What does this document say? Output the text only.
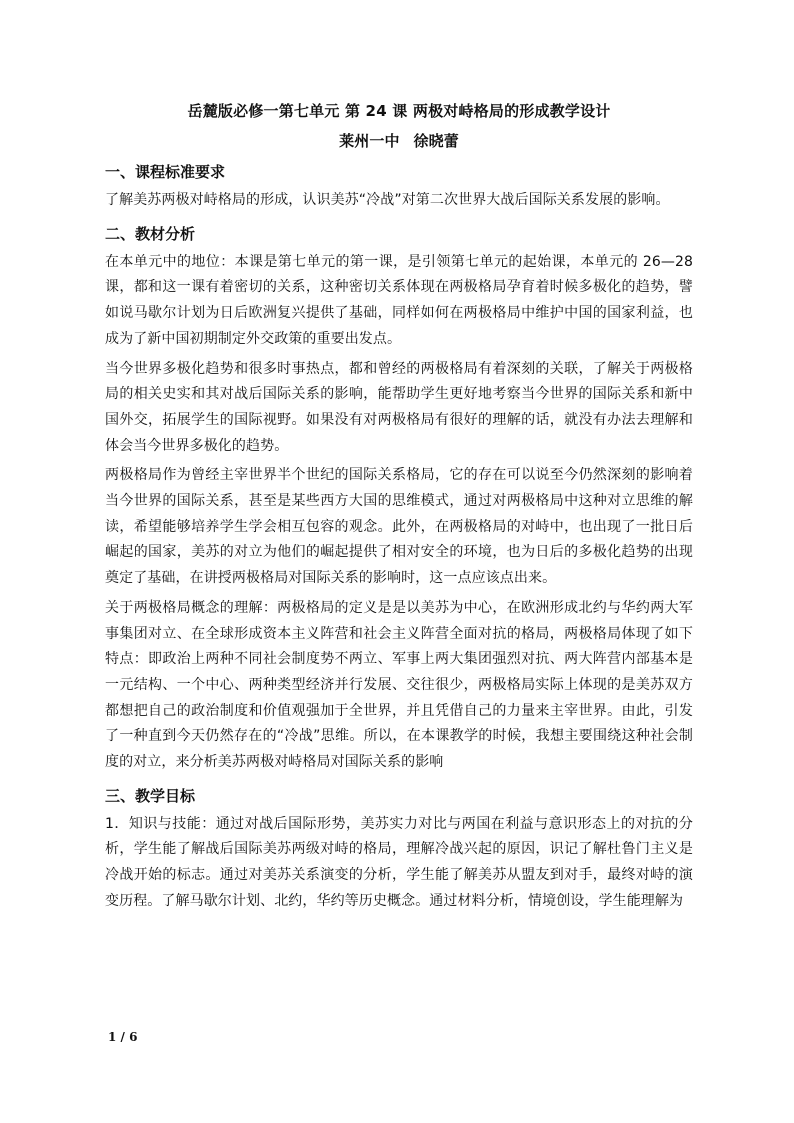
岳麓版必修一第七单元 第 24 课 两极对峙格局的形成教学设计

莱州一中 徐晓蕾

一、课程标准要求

了解美苏两极对峙格局的形成，认识美苏“冷战”对第二次世界大战后国际关系发展的影响。

二、教材分析

在本单元中的地位：本课是第七单元的第一课，是引领第七单元的起始课，本单元的 26—28 课，都和这一课有着密切的关系，这种密切关系体现在两极格局孕育着时候多极化的趋势，譬如说马歇尔计划为日后欧洲复兴提供了基础，同样如何在两极格局中维护中国的国家利益，也成为了新中国初期制定外交政策的重要出发点。

当今世界多极化趋势和很多时事热点，都和曾经的两极格局有着深刻的关联，了解关于两极格局的相关史实和其对战后国际关系的影响，能帮助学生更好地考察当今世界的国际关系和新中国外交，拓展学生的国际视野。如果没有对两极格局有很好的理解的话，就没有办法去理解和体会当今世界多极化的趋势。

两极格局作为曾经主宰世界半个世纪的国际关系格局，它的存在可以说至今仍然深刻的影响着当今世界的国际关系，甚至是某些西方大国的思维模式，通过对两极格局中这种对立思维的解读，希望能够培养学生学会相互包容的观念。此外，在两极格局的对峙中，也出现了一批日后崛起的国家，美苏的对立为他们的崛起提供了相对安全的环境，也为日后的多极化趋势的出现奠定了基础，在讲授两极格局对国际关系的影响时，这一点应该点出来。

关于两极格局概念的理解：两极格局的定义是是以美苏为中心，在欧洲形成北约与华约两大军事集团对立、在全球形成资本主义阵营和社会主义阵营全面对抗的格局，两极格局体现了如下特点：即政治上两种不同社会制度势不两立、军事上两大集团强烈对抗、两大阵营内部基本是一元结构、一个中心、两种类型经济并行发展、交往很少，两极格局实际上体现的是美苏双方都想把自己的政治制度和价值观强加于全世界，并且凭借自己的力量来主宰世界。由此，引发了一种直到今天仍然存在的“冷战”思维。所以，在本课教学的时候，我想主要围绕这种社会制度的对立，来分析美苏两极对峙格局对国际关系的影响

三、教学目标

1．知识与技能：通过对战后国际形势，美苏实力对比与两国在利益与意识形态上的对抗的分析，学生能了解战后国际美苏两级对峙的格局，理解冷战兴起的原因，识记了解杜鲁门主义是冷战开始的标志。通过对美苏关系演变的分析，学生能了解美苏从盟友到对手，最终对峙的演变历程。了解马歇尔计划、北约，华约等历史概念。通过材料分析，情境创设，学生能理解为

1 / 6
